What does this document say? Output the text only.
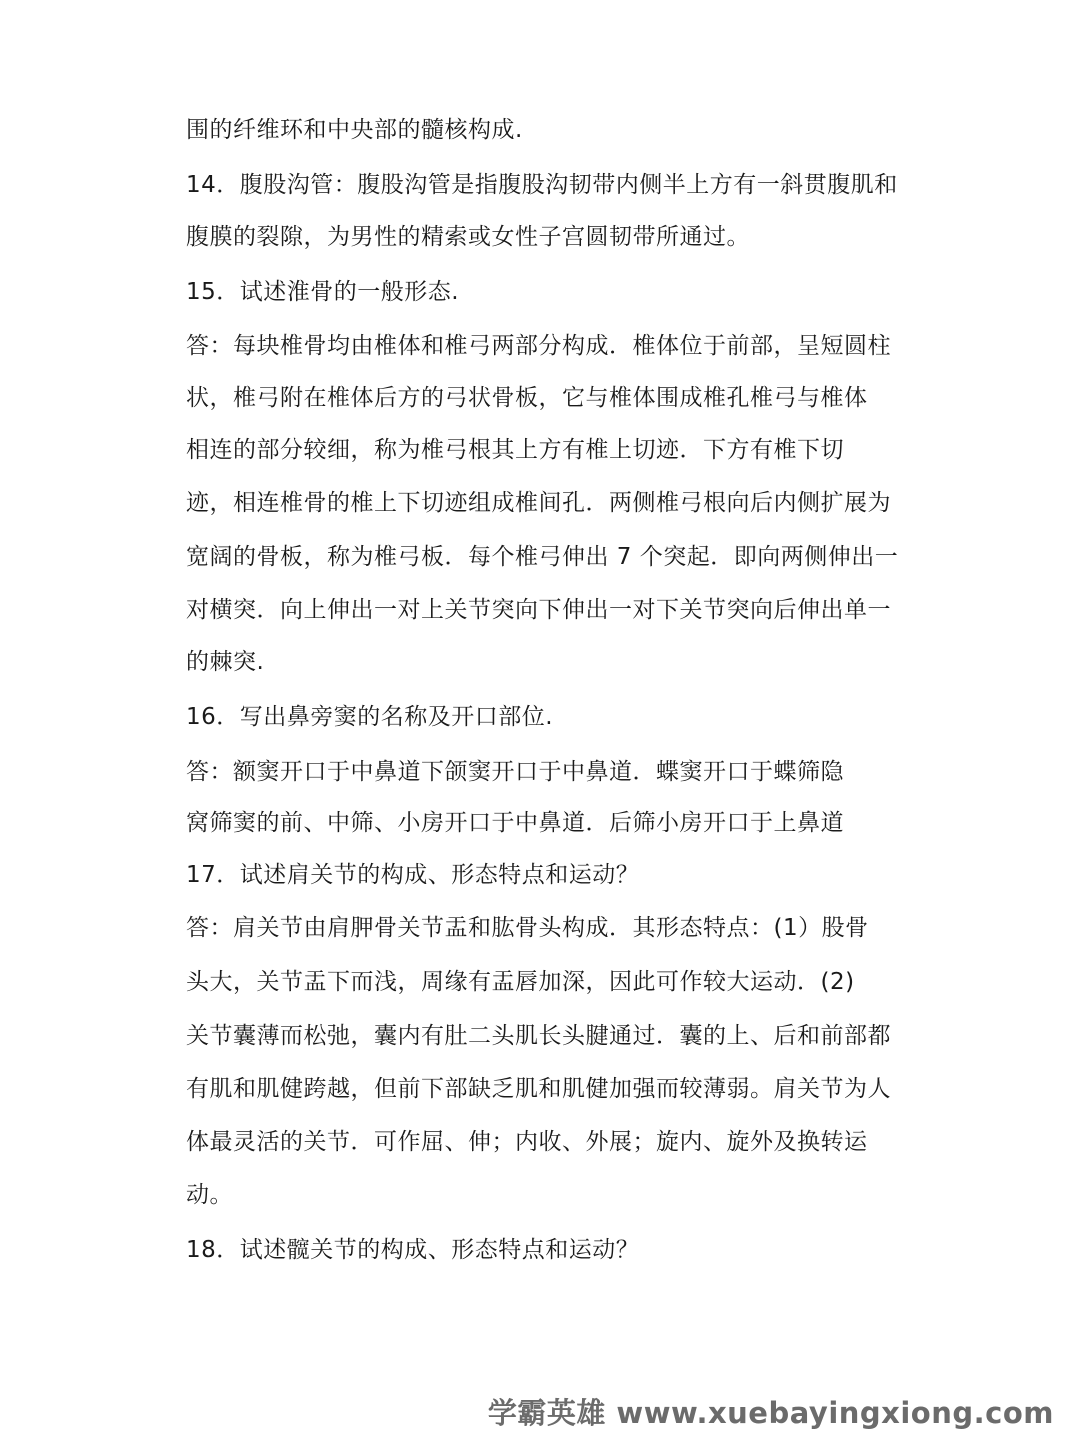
围的纤维环和中央部的髓核构成.
14．腹股沟管：腹股沟管是指腹股沟韧带内侧半上方有一斜贯腹肌和
腹膜的裂隙，为男性的精索或女性子宫圆韧带所通过。
15．试述淮骨的一般形态.
答：每块椎骨均由椎体和椎弓两部分构成．椎体位于前部，呈短圆柱
状，椎弓附在椎体后方的弓状骨板，它与椎体围成椎孔椎弓与椎体
相连的部分较细，称为椎弓根其上方有椎上切迹．下方有椎下切
迹，相连椎骨的椎上下切迹组成椎间孔．两侧椎弓根向后内侧扩展为
宽阔的骨板，称为椎弓板．每个椎弓伸出 7 个突起．即向两侧伸出一
对横突．向上伸出一对上关节突向下伸出一对下关节突向后伸出单一
的棘突.
16．写出鼻旁窦的名称及开口部位.
答：额窦开口于中鼻道下颌窦开口于中鼻道．蝶窦开口于蝶筛隐
窝筛窦的前、中筛、小房开口于中鼻道．后筛小房开口于上鼻道
17．试述肩关节的构成、形态特点和运动？
答：肩关节由肩胛骨关节盂和肱骨头构成．其形态特点：(1）股骨
头大，关节盂下而浅，周缘有盂唇加深，因此可作较大运动．(2)
关节囊薄而松弛，囊内有肚二头肌长头腱通过．囊的上、后和前部都
有肌和肌健跨越，但前下部缺乏肌和肌健加强而较薄弱。肩关节为人
体最灵活的关节．可作屈、伸；内收、外展；旋内、旋外及换转运
动。
18．试述髋关节的构成、形态特点和运动？
学霸英雄 www.xuebayingxiong.com
